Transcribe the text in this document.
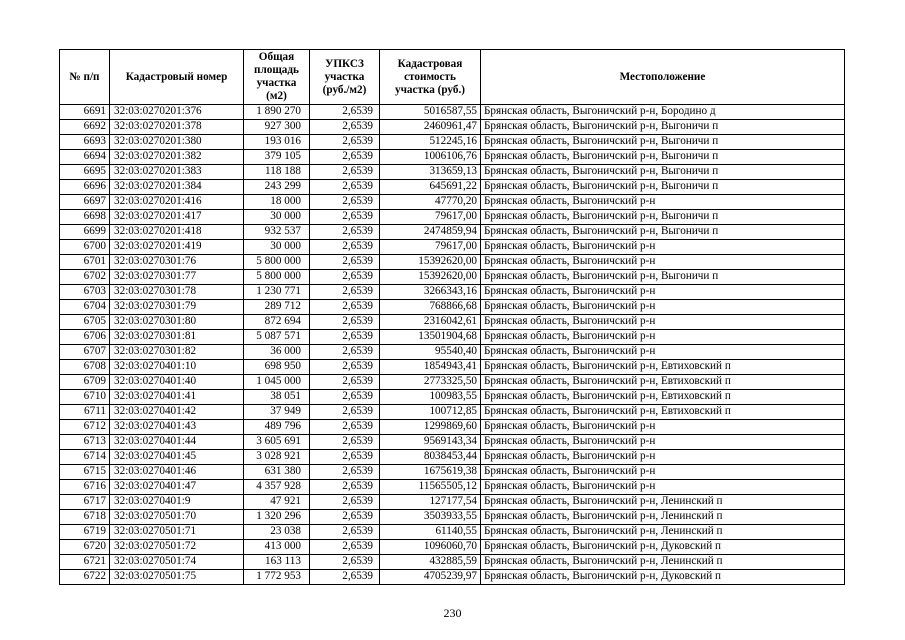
№ п/п	Кадастровый номер	Общая площадь участка (м2)	УПКСЗ участка (руб./м2)	Кадастровая стоимость участка (руб.)	Местоположение
6691	32:03:0270201:376	1 890 270	2,6539	5016587,55	Брянская область, Выгоничский р-н, Бородино д
6692	32:03:0270201:378	927 300	2,6539	2460961,47	Брянская область, Выгоничский р-н, Выгоничи п
6693	32:03:0270201:380	193 016	2,6539	512245,16	Брянская область, Выгоничский р-н, Выгоничи п
6694	32:03:0270201:382	379 105	2,6539	1006106,76	Брянская область, Выгоничский р-н, Выгоничи п
6695	32:03:0270201:383	118 188	2,6539	313659,13	Брянская область, Выгоничский р-н, Выгоничи п
6696	32:03:0270201:384	243 299	2,6539	645691,22	Брянская область, Выгоничский р-н, Выгоничи п
6697	32:03:0270201:416	18 000	2,6539	47770,20	Брянская область, Выгоничский р-н
6698	32:03:0270201:417	30 000	2,6539	79617,00	Брянская область, Выгоничский р-н, Выгоничи п
6699	32:03:0270201:418	932 537	2,6539	2474859,94	Брянская область, Выгоничский р-н, Выгоничи п
6700	32:03:0270201:419	30 000	2,6539	79617,00	Брянская область, Выгоничский р-н
6701	32:03:0270301:76	5 800 000	2,6539	15392620,00	Брянская область, Выгоничский р-н
6702	32:03:0270301:77	5 800 000	2,6539	15392620,00	Брянская область, Выгоничский р-н, Выгоничи п
6703	32:03:0270301:78	1 230 771	2,6539	3266343,16	Брянская область, Выгоничский р-н
6704	32:03:0270301:79	289 712	2,6539	768866,68	Брянская область, Выгоничский р-н
6705	32:03:0270301:80	872 694	2,6539	2316042,61	Брянская область, Выгоничский р-н
6706	32:03:0270301:81	5 087 571	2,6539	13501904,68	Брянская область, Выгоничский р-н
6707	32:03:0270301:82	36 000	2,6539	95540,40	Брянская область, Выгоничский р-н
6708	32:03:0270401:10	698 950	2,6539	1854943,41	Брянская область, Выгоничский р-н, Евтиховский п
6709	32:03:0270401:40	1 045 000	2,6539	2773325,50	Брянская область, Выгоничский р-н, Евтиховский п
6710	32:03:0270401:41	38 051	2,6539	100983,55	Брянская область, Выгоничский р-н, Евтиховский п
6711	32:03:0270401:42	37 949	2,6539	100712,85	Брянская область, Выгоничский р-н, Евтиховский п
6712	32:03:0270401:43	489 796	2,6539	1299869,60	Брянская область, Выгоничский р-н
6713	32:03:0270401:44	3 605 691	2,6539	9569143,34	Брянская область, Выгоничский р-н
6714	32:03:0270401:45	3 028 921	2,6539	8038453,44	Брянская область, Выгоничский р-н
6715	32:03:0270401:46	631 380	2,6539	1675619,38	Брянская область, Выгоничский р-н
6716	32:03:0270401:47	4 357 928	2,6539	11565505,12	Брянская область, Выгоничский р-н
6717	32:03:0270401:9	47 921	2,6539	127177,54	Брянская область, Выгоничский р-н, Ленинский п
6718	32:03:0270501:70	1 320 296	2,6539	3503933,55	Брянская область, Выгоничский р-н, Ленинский п
6719	32:03:0270501:71	23 038	2,6539	61140,55	Брянская область, Выгоничский р-н, Ленинский п
6720	32:03:0270501:72	413 000	2,6539	1096060,70	Брянская область, Выгоничский р-н, Дуковский п
6721	32:03:0270501:74	163 113	2,6539	432885,59	Брянская область, Выгоничский р-н, Ленинский п
6722	32:03:0270501:75	1 772 953	2,6539	4705239,97	Брянская область, Выгоничский р-н, Дуковский п
230
